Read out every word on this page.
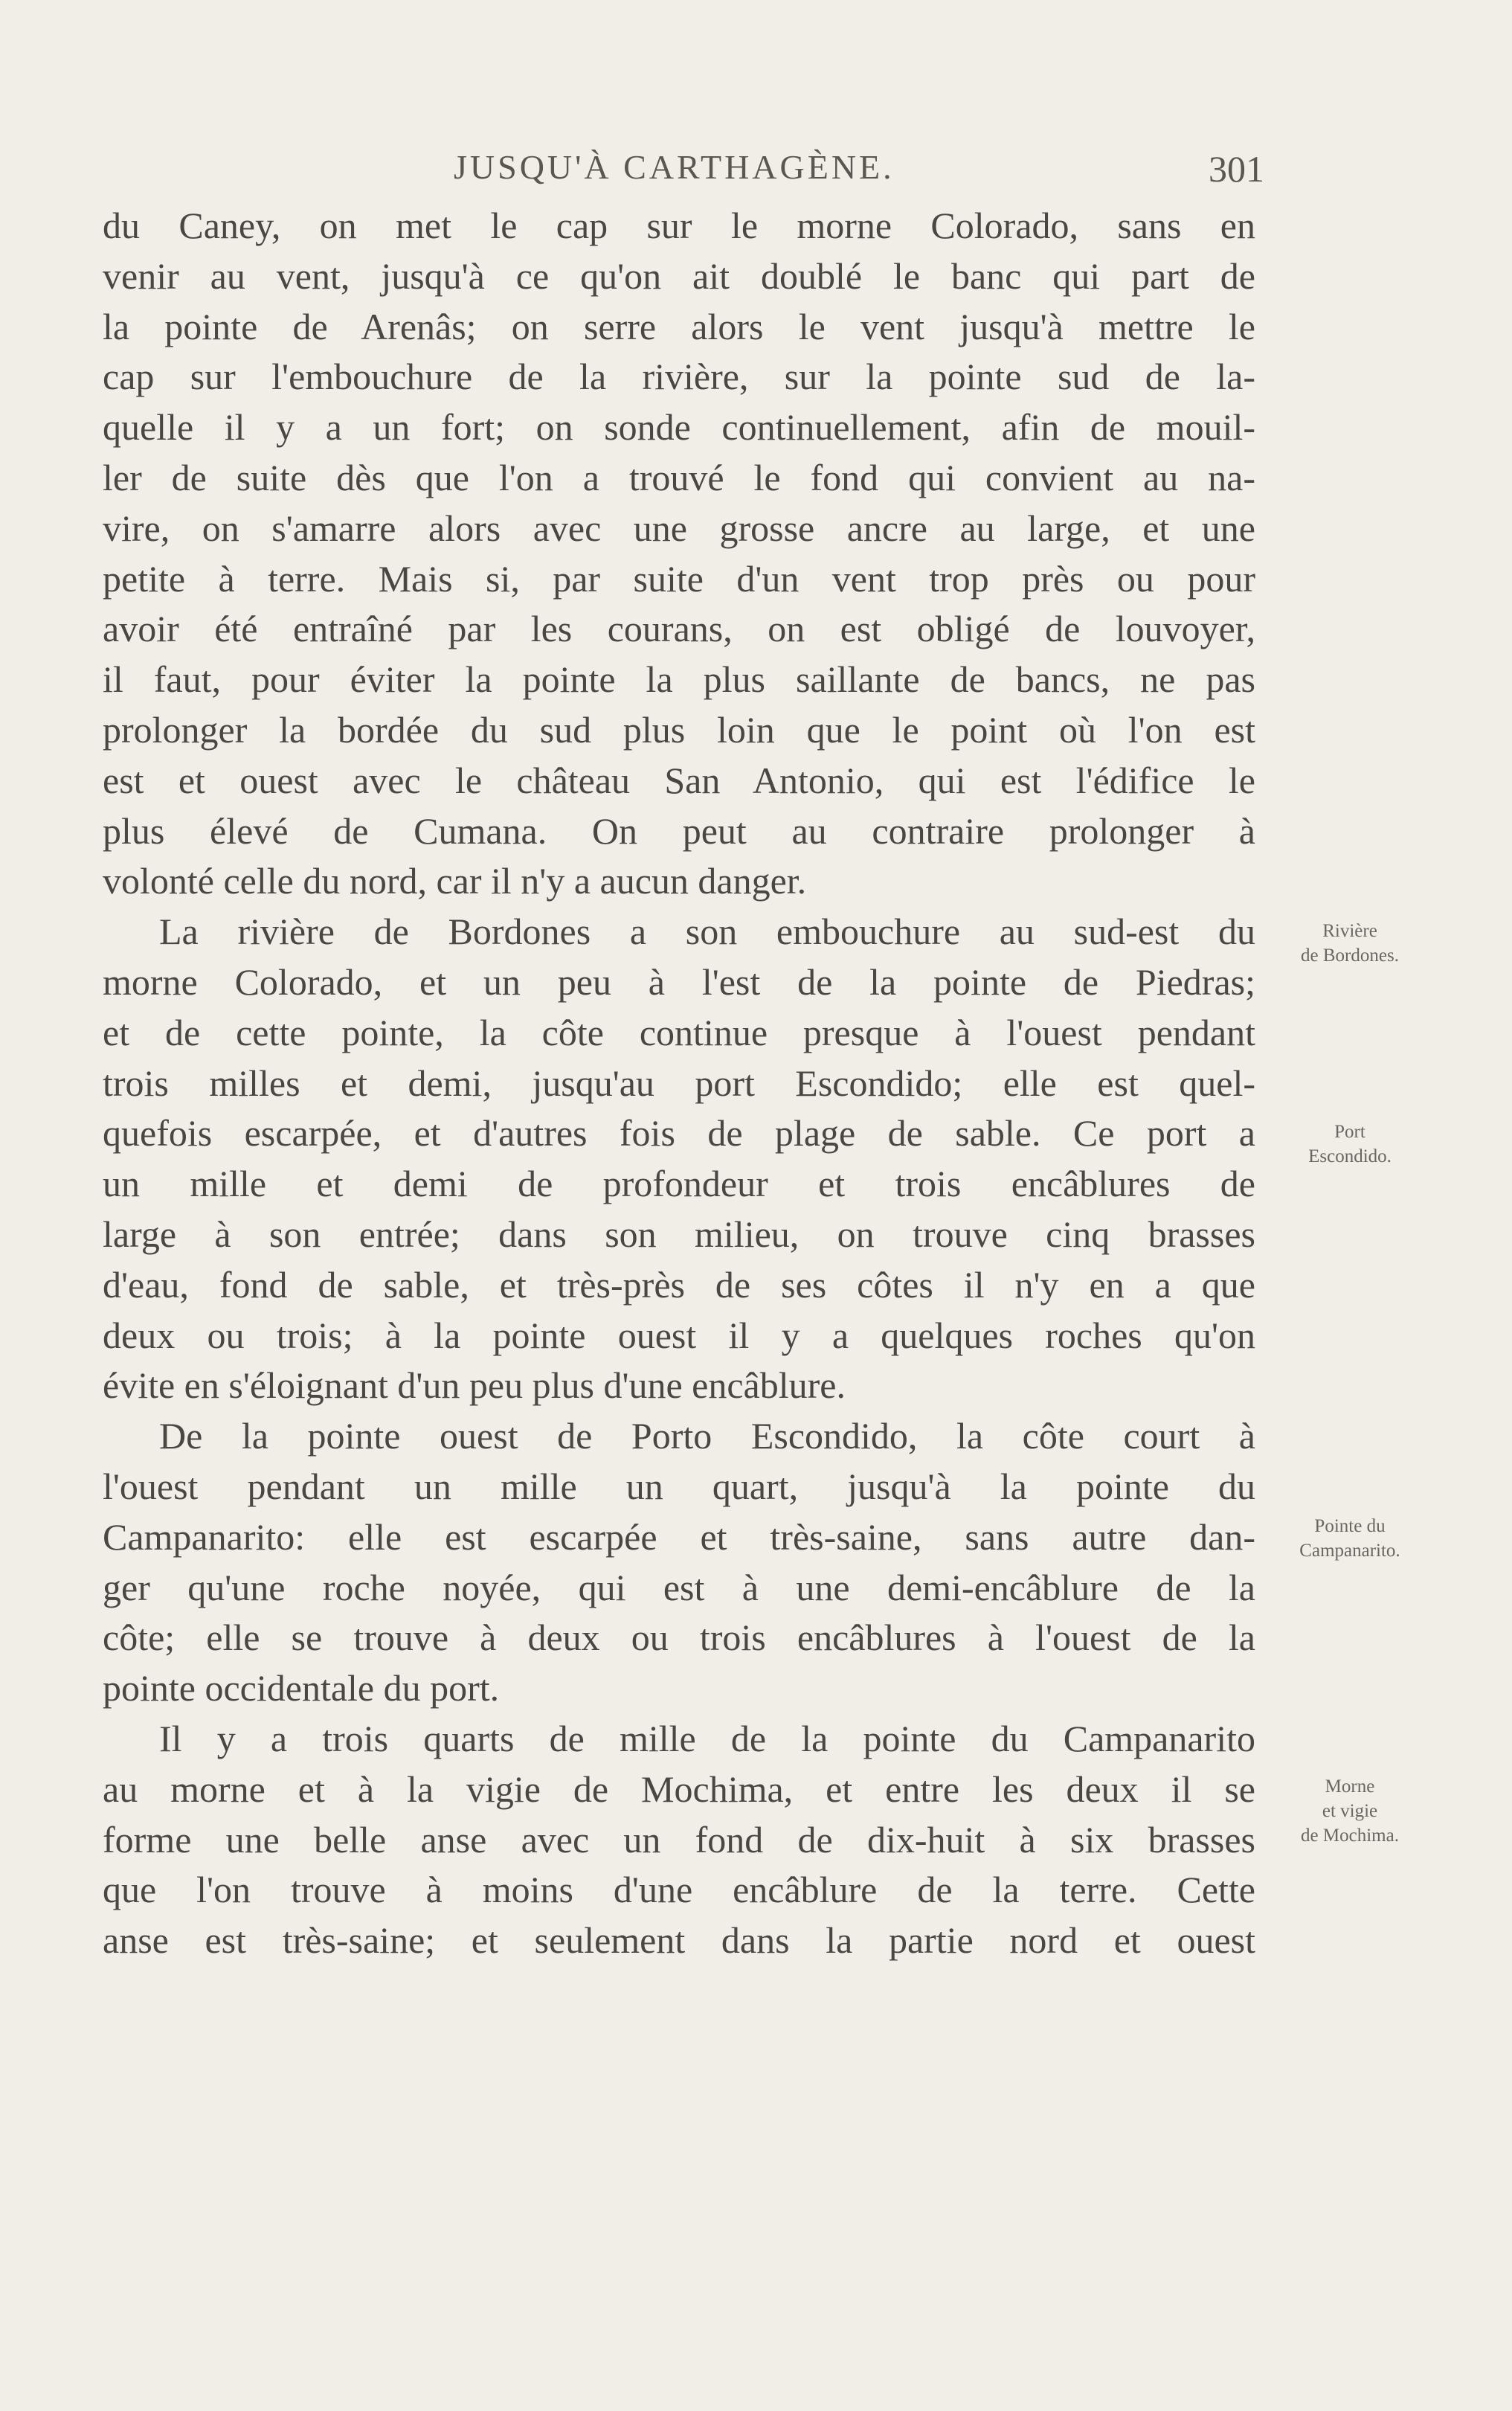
JUSQU'À CARTHAGÈNE.	301
du Caney, on met le cap sur le morne Colorado, sans en
venir au vent, jusqu'à ce qu'on ait doublé le banc qui part de
la pointe de Arenâs; on serre alors le vent jusqu'à mettre le
cap sur l'embouchure de la rivière, sur la pointe sud de la-
quelle il y a un fort; on sonde continuellement, afin de mouil-
ler de suite dès que l'on a trouvé le fond qui convient au na-
vire, on s'amarre alors avec une grosse ancre au large, et une
petite à terre. Mais si, par suite d'un vent trop près ou pour
avoir été entraîné par les courans, on est obligé de louvoyer,
il faut, pour éviter la pointe la plus saillante de bancs, ne pas
prolonger la bordée du sud plus loin que le point où l'on est
est et ouest avec le château San Antonio, qui est l'édifice le
plus élevé de Cumana. On peut au contraire prolonger à
volonté celle du nord, car il n'y a aucun danger.
La rivière de Bordones a son embouchure au sud-est du
morne Colorado, et un peu à l'est de la pointe de Piedras;
et de cette pointe, la côte continue presque à l'ouest pendant
trois milles et demi, jusqu'au port Escondido; elle est quel-
quefois escarpée, et d'autres fois de plage de sable. Ce port a
un mille et demi de profondeur et trois encâblures de
large à son entrée; dans son milieu, on trouve cinq brasses
d'eau, fond de sable, et très-près de ses côtes il n'y en a que
deux ou trois; à la pointe ouest il y a quelques roches qu'on
évite en s'éloignant d'un peu plus d'une encâblure.
De la pointe ouest de Porto Escondido, la côte court à
l'ouest pendant un mille un quart, jusqu'à la pointe du
Campanarito: elle est escarpée et très-saine, sans autre dan-
ger qu'une roche noyée, qui est à une demi-encâblure de la
côte; elle se trouve à deux ou trois encâblures à l'ouest de la
pointe occidentale du port.
Il y a trois quarts de mille de la pointe du Campanarito
au morne et à la vigie de Mochima, et entre les deux il se
forme une belle anse avec un fond de dix-huit à six brasses
que l'on trouve à moins d'une encâblure de la terre. Cette
anse est très-saine; et seulement dans la partie nord et ouest
Rivière
de Bordones.
Port
Escondido.
Pointe du
Campanarito.
Morne
et vigie
de Mochima.
